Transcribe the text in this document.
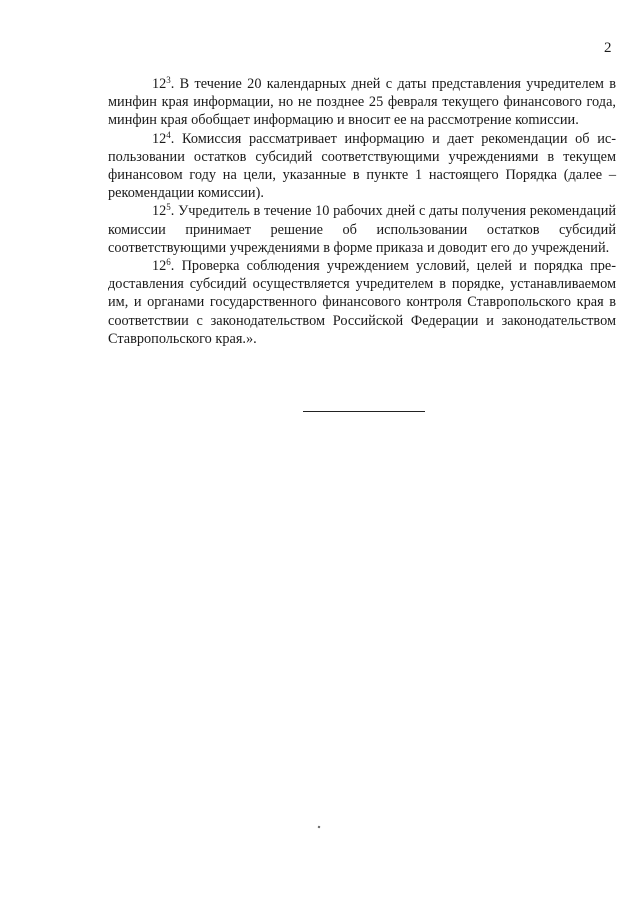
2

$12^3$. В течение 20 календарных дней с даты представления учредителем в минфин края информации, но не позднее 25 февраля текущего финансового года, минфин края обобщает информацию и вносит ее на рассмотрение коmиссии.

$12^4$. Комиссия рассматривает информацию и дает рекомендации об использовании остатков субсидий соответствующими учреждениями в текущем финансовом году на цели, указанные в пункте 1 настоящего Порядка (далее – рекомендации комиссии).

$12^5$. Учредитель в течение 10 рабочих дней с даты получения рекомендаций комиссии принимает решение об использовании остатков субсидий соответствующими учреждениями в форме приказа и доводит его до учреждений.

$12^6$. Проверка соблюдения учреждением условий, целей и порядка предоставления субсидий осуществляется учредителем в порядке, устанавливаемом им, и органами государственного финансового контроля Ставропольского края в соответствии с законодательством Российской Федерации и законодательством Ставропольского края.».
